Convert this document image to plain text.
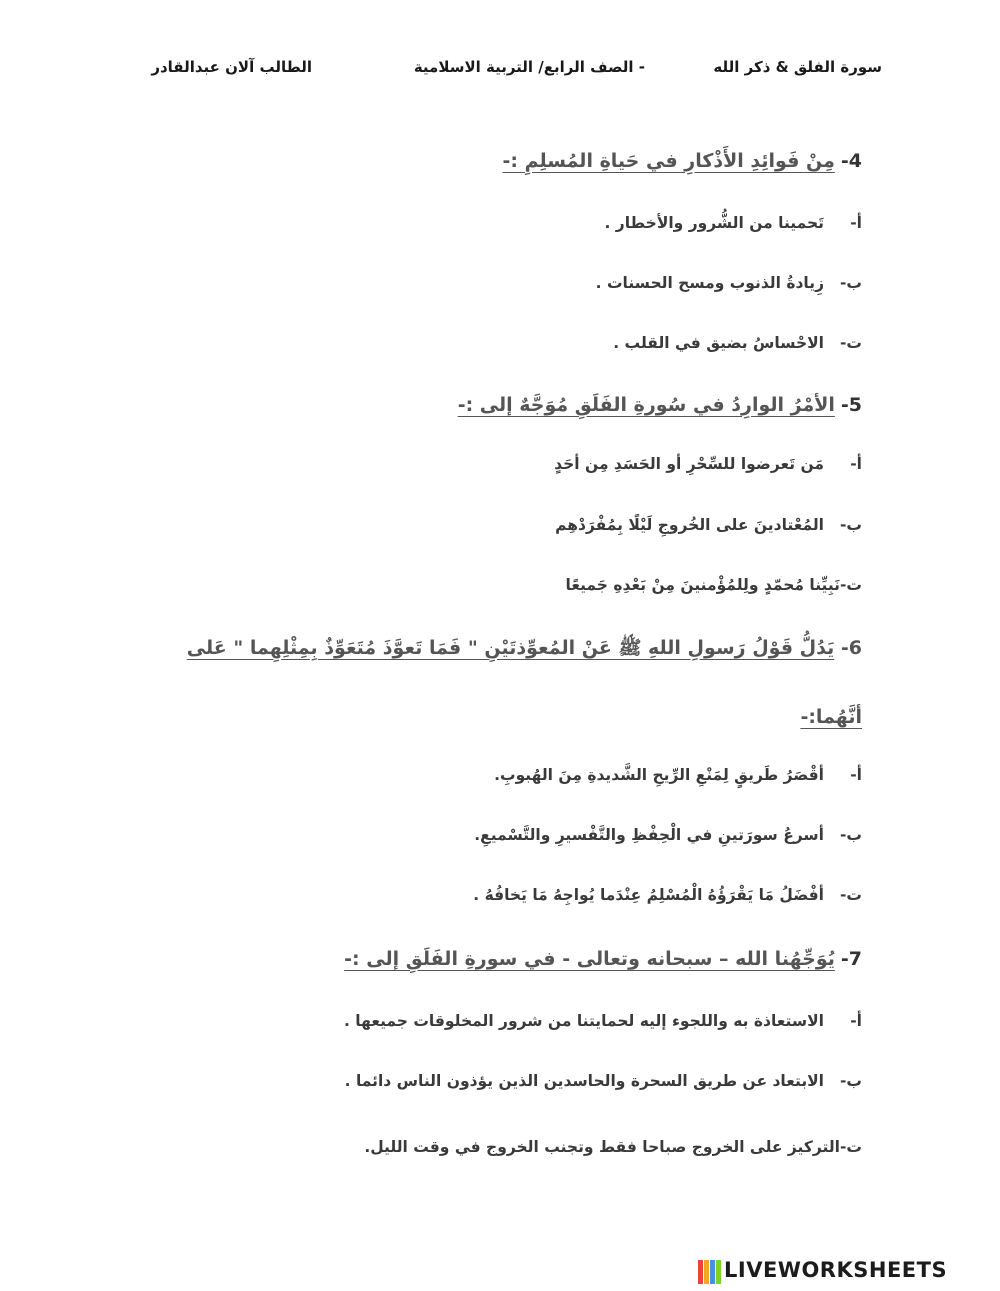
سورة الفلق & ذكر الله
- الصف الرابع/ التربية الاسلامية
الطالب آلان عبدالقادر
4-مِنْ فَوائِدِ الأَذْكارِ في حَياةِ المُسلِمِ :-
أ-تَحمينا من الشُّرور والأخطار .
ب-زِيادةُ الذنوب ومسح الحسنات .
ت-الاحْساسُ بضيق في القلب .
5-الأمْرُ الوارِدُ في سُورةِ الفَلَقِ مُوَجَّهٌ إلى :-
أ-مَن تَعرضوا للسِّحْرِ أو الحَسَدِ مِن أحَدٍ
ب-المُعْتادينَ على الخُروجِ لَيْلًا بِمُفْرَدْهِم
ت-نَبِيِّنا مُحمّدٍ ولِلمُؤْمنينَ مِنْ بَعْدِهِ جَميعًا
6- يَدُلُّ قَوْلُ رَسولِ اللهِ ﷺ عَنْ المُعوِّذتَيْنِ " فَمَا تَعوَّذَ مُتَعَوِّذٌ بِمِثْلِهِما " عَلى
أنَّهُما:-
أ-أقْصَرُ طَريقٍ لِمَنْعِ الرِّيحِ الشَّديدةِ مِنَ الهُبوبِ.
ب-أسرعُ سورَتينِ في الْحِفْظِ والتَّفْسيرِ والتَّسْميعِ.
ت-أفْضَلُ مَا يَقْرَؤُهُ الْمُسْلِمُ عِنْدَما يُواجِهُ مَا يَخافُهُ .
7-يُوَجِّهُنا الله – سبحانه وتعالى - في سورةِ الفَلَقِ إلى :-
أ-الاستعاذة به واللجوء إليه لحمايتنا من شرور المخلوقات جميعها .
ب-الابتعاد عن طريق السحرة والحاسدين الذين يؤذون الناس دائما .
ت-التركيز على الخروج صباحا فقط وتجنب الخروج في وقت الليل.
LIVEWORKSHEETS
